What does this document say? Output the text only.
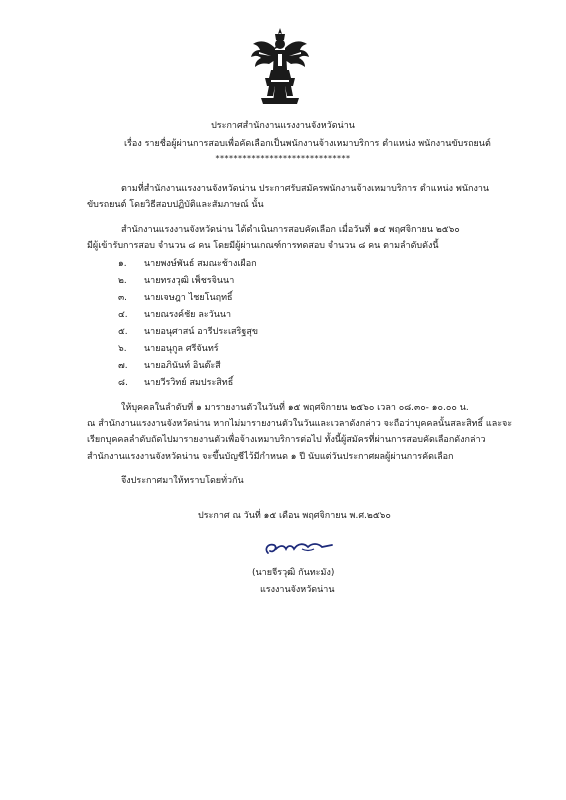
ประกาศสำนักงานแรงงานจังหวัดน่าน
เรื่อง รายชื่อผู้ผ่านการสอบเพื่อคัดเลือกเป็นพนักงานจ้างเหมาบริการ ตำแหน่ง พนักงานขับรถยนต์
******************************
ตามที่สำนักงานแรงงานจังหวัดน่าน ประกาศรับสมัครพนักงานจ้างเหมาบริการ ตำแหน่ง พนักงาน
ขับรถยนต์ โดยวิธีสอบปฏิบัติและสัมภาษณ์ นั้น
สำนักงานแรงงานจังหวัดน่าน ได้ดำเนินการสอบคัดเลือก เมื่อวันที่ ๑๔ พฤศจิกายน ๒๕๖๐
มีผู้เข้ารับการสอบ จำนวน ๘ คน โดยมีผู้ผ่านเกณฑ์การทดสอบ จำนวน ๘ คน ตามลำดับดังนี้
๑. นายพงษ์พันธ์ สมณะช้างเผือก
๒. นายทรงวุฒิ เพ็ชรจินนา
๓. นายเจษฎา ไชยโนฤทธิ์
๔. นายณรงค์ชัย ละวันนา
๕. นายอนุศาสน์ อารีประเสริฐสุข
๖. นายอนุกูล ศรีจันทร์
๗. นายอภินันท์ อินต๊ะสี
๘. นายวีรวิทย์ สมประสิทธิ์
ให้บุคคลในลำดับที่ ๑ มารายงานตัวในวันที่ ๑๕ พฤศจิกายน ๒๕๖๐ เวลา ๐๘.๓๐- ๑๐.๐๐ น.
ณ สำนักงานแรงงานจังหวัดน่าน หากไม่มารายงานตัวในวันและเวลาดังกล่าว จะถือว่าบุคคลนั้นสละสิทธิ์ และจะ
เรียกบุคคลลำดับถัดไปมารายงานตัวเพื่อจ้างเหมาบริการต่อไป ทั้งนี้ผู้สมัครที่ผ่านการสอบคัดเลือกดังกล่าว
สำนักงานแรงงานจังหวัดน่าน จะขึ้นบัญชีไว้มีกำหนด ๑ ปี นับแต่วันประกาศผลผู้ผ่านการคัดเลือก
จึงประกาศมาให้ทราบโดยทั่วกัน
ประกาศ ณ วันที่ ๑๕ เดือน พฤศจิกายน พ.ศ.๒๕๖๐
(นายจีรวุฒิ กันทะมัง)
แรงงานจังหวัดน่าน
